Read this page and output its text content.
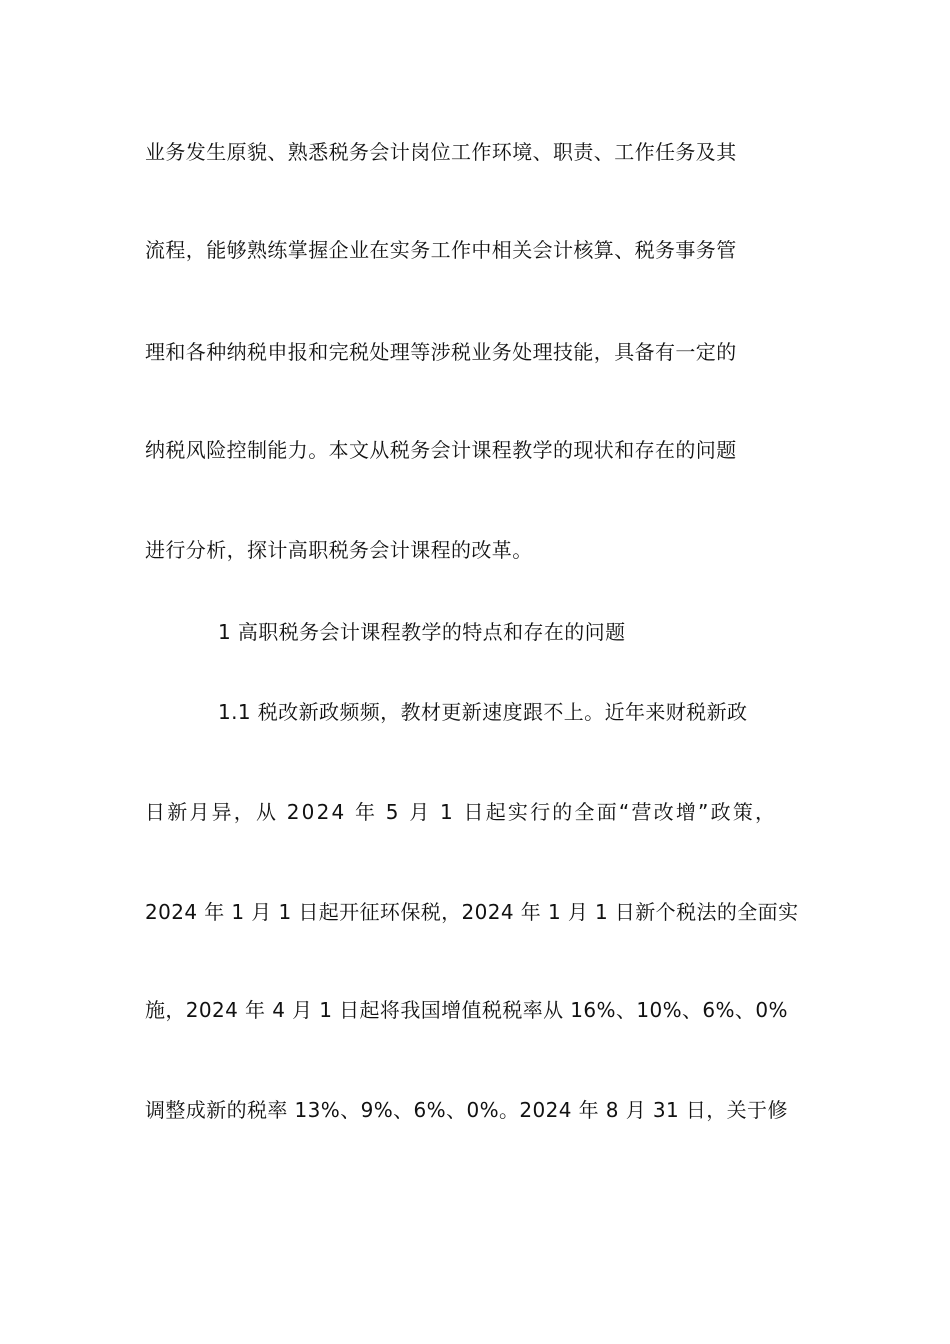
业务发生原貌、熟悉税务会计岗位工作环境、职责、工作任务及其
流程，能够熟练掌握企业在实务工作中相关会计核算、税务事务管
理和各种纳税申报和完税处理等涉税业务处理技能，具备有一定的
纳税风险控制能力。本文从税务会计课程教学的现状和存在的问题
进行分析，探计高职税务会计课程的改革。
1 高职税务会计课程教学的特点和存在的问题
1.1 税改新政频频，教材更新速度跟不上。近年来财税新政
日新月异，从 2024 年 5 月 1 日起实行的全面“营改增”政策，
2024 年 1 月 1 日起开征环保税，2024 年 1 月 1 日新个税法的全面实
施，2024 年 4 月 1 日起将我国增值税税率从 16%、10%、6%、0%
调整成新的税率 13%、9%、6%、0%。2024 年 8 月 31 日，关于修
